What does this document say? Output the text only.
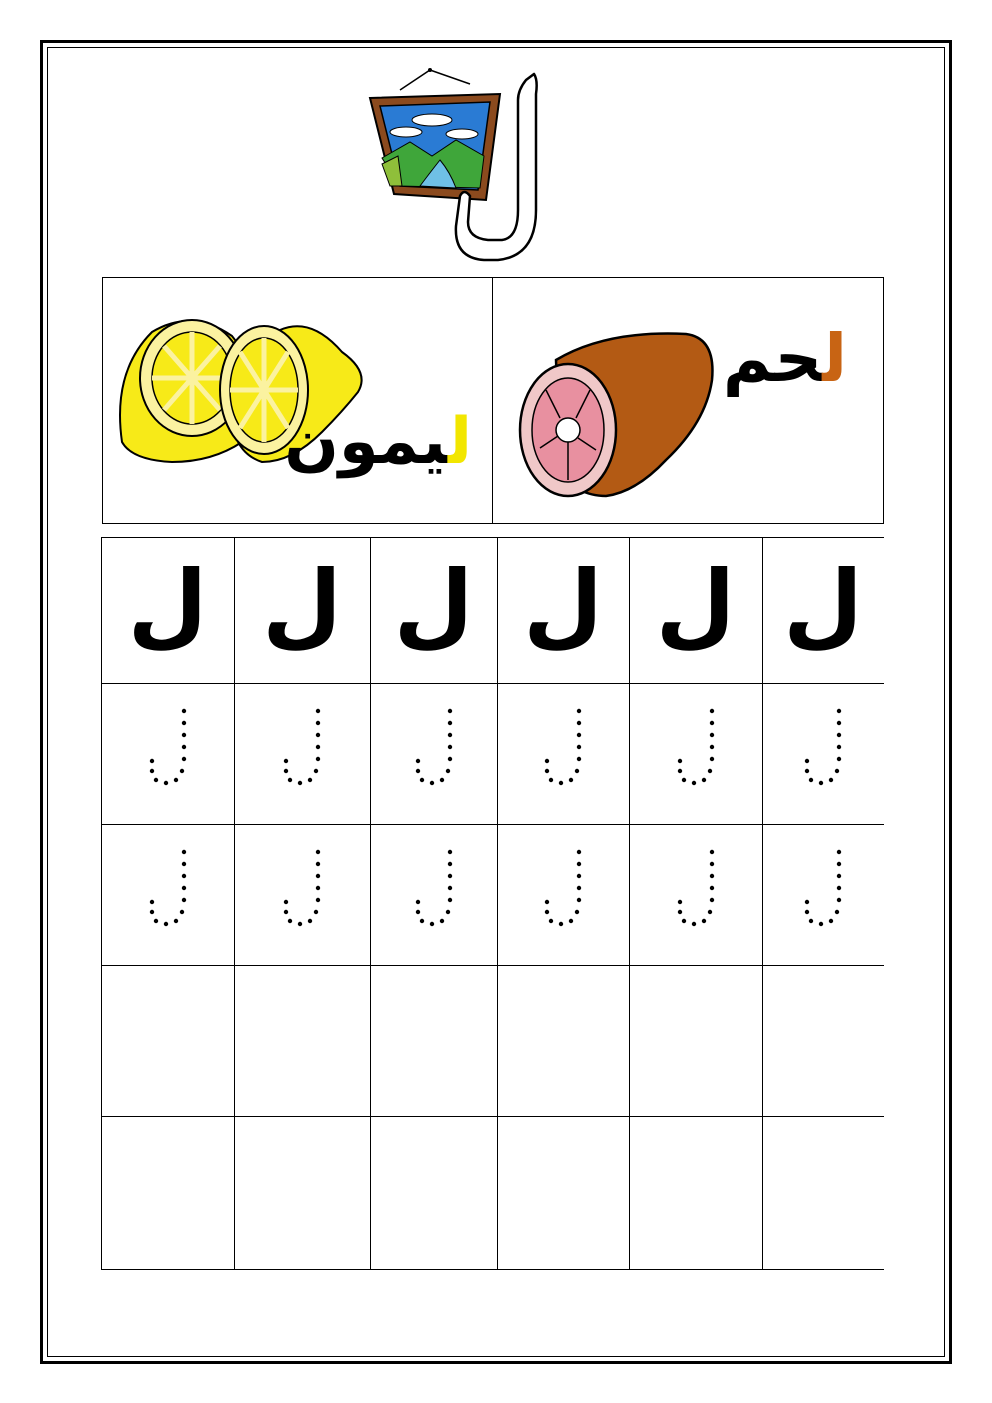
لحم
ليمون
ل ل ل ل ل ل
